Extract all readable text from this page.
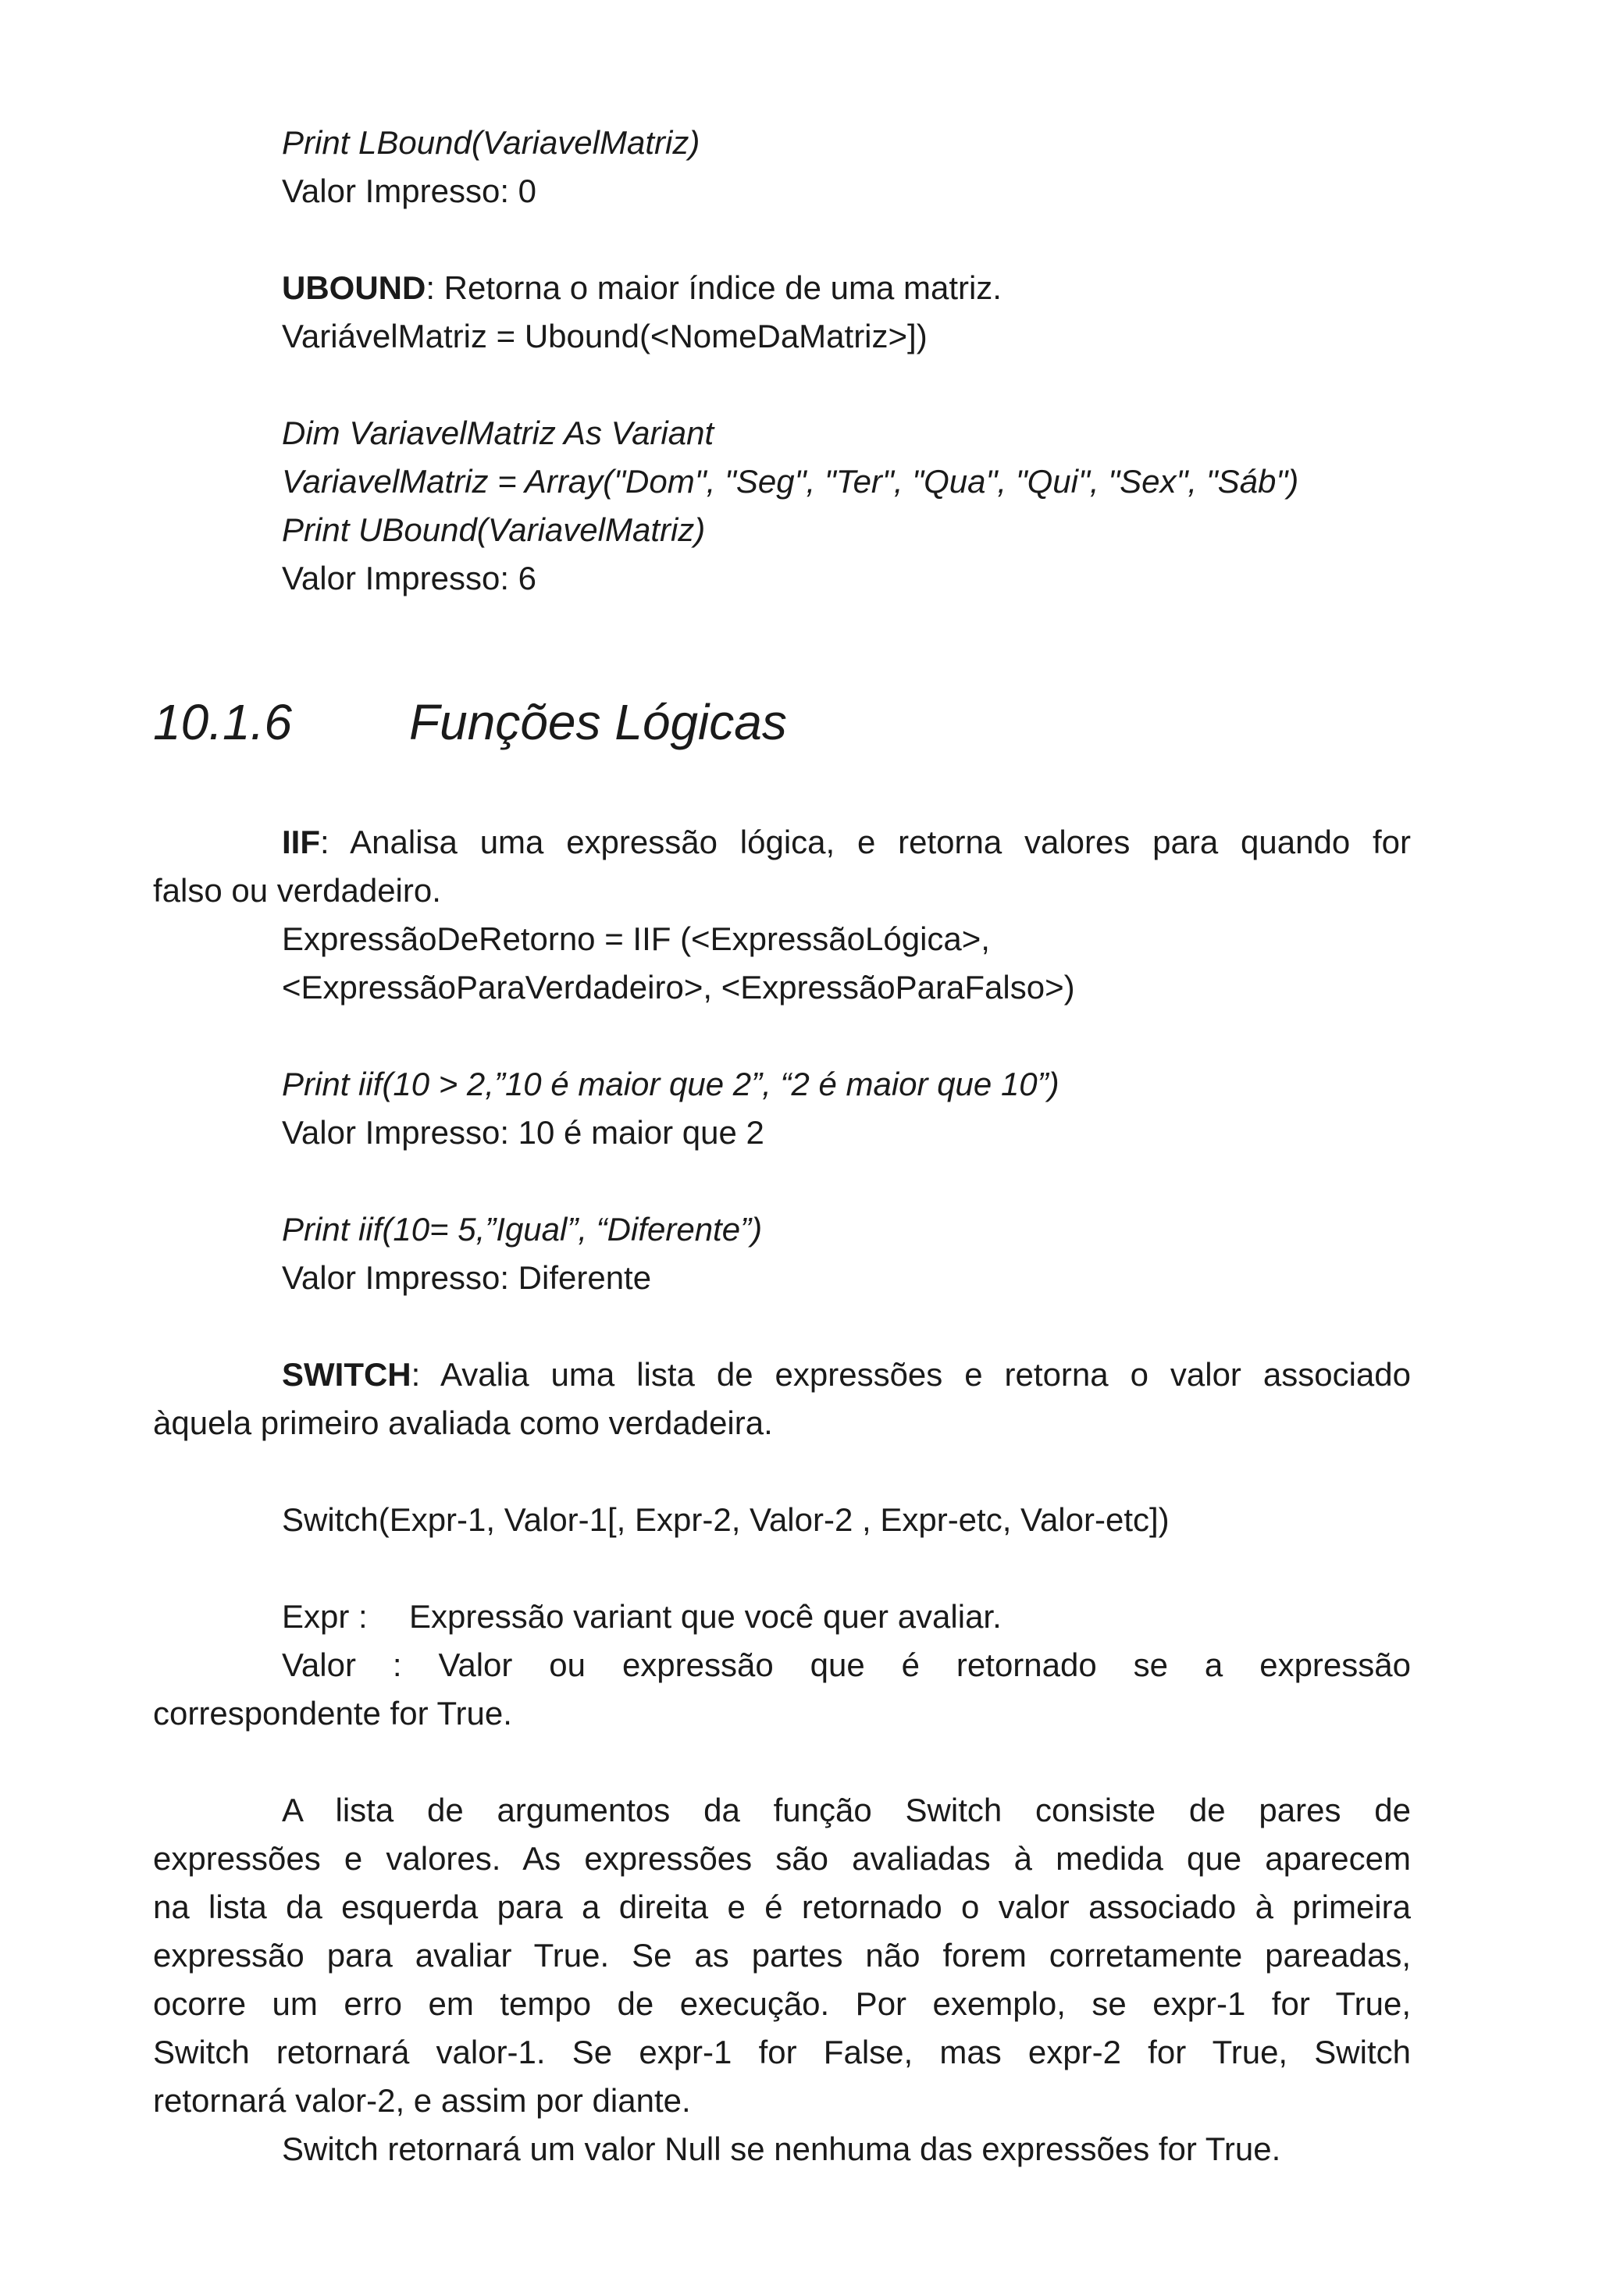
Print LBound(VariavelMatriz)
Valor Impresso: 0
UBOUND: Retorna o maior índice de uma matriz.
VariávelMatriz = Ubound(<NomeDaMatriz>])
Dim VariavelMatriz As Variant
VariavelMatriz = Array("Dom", "Seg", "Ter", "Qua", "Qui", "Sex", "Sáb")
Print UBound(VariavelMatriz)
Valor Impresso: 6
10.1.6 Funções Lógicas
IIF: Analisa uma expressão lógica, e retorna valores para quando for
falso ou verdadeiro.
ExpressãoDeRetorno = IIF (<ExpressãoLógica>,
<ExpressãoParaVerdadeiro>, <ExpressãoParaFalso>)
Print iif(10 > 2,”10 é maior que 2”, “2 é maior que 10”)
Valor Impresso: 10 é maior que 2
Print iif(10= 5,”Igual”, “Diferente”)
Valor Impresso: Diferente
SWITCH: Avalia uma lista de expressões e retorna o valor associado
àquela primeiro avaliada como verdadeira.
Switch(Expr-1, Valor-1[, Expr-2, Valor-2 , Expr-etc, Valor-etc])
Expr : Expressão variant que você quer avaliar.
Valor : Valor ou expressão que é retornado se a expressão
correspondente for True.
A lista de argumentos da função Switch consiste de pares de
expressões e valores. As expressões são avaliadas à medida que aparecem
na lista da esquerda para a direita e é retornado o valor associado à primeira
expressão para avaliar True. Se as partes não forem corretamente pareadas,
ocorre um erro em tempo de execução. Por exemplo, se expr-1 for True,
Switch retornará valor-1. Se expr-1 for False, mas expr-2 for True, Switch
retornará valor-2, e assim por diante.
Switch retornará um valor Null se nenhuma das expressões for True.
